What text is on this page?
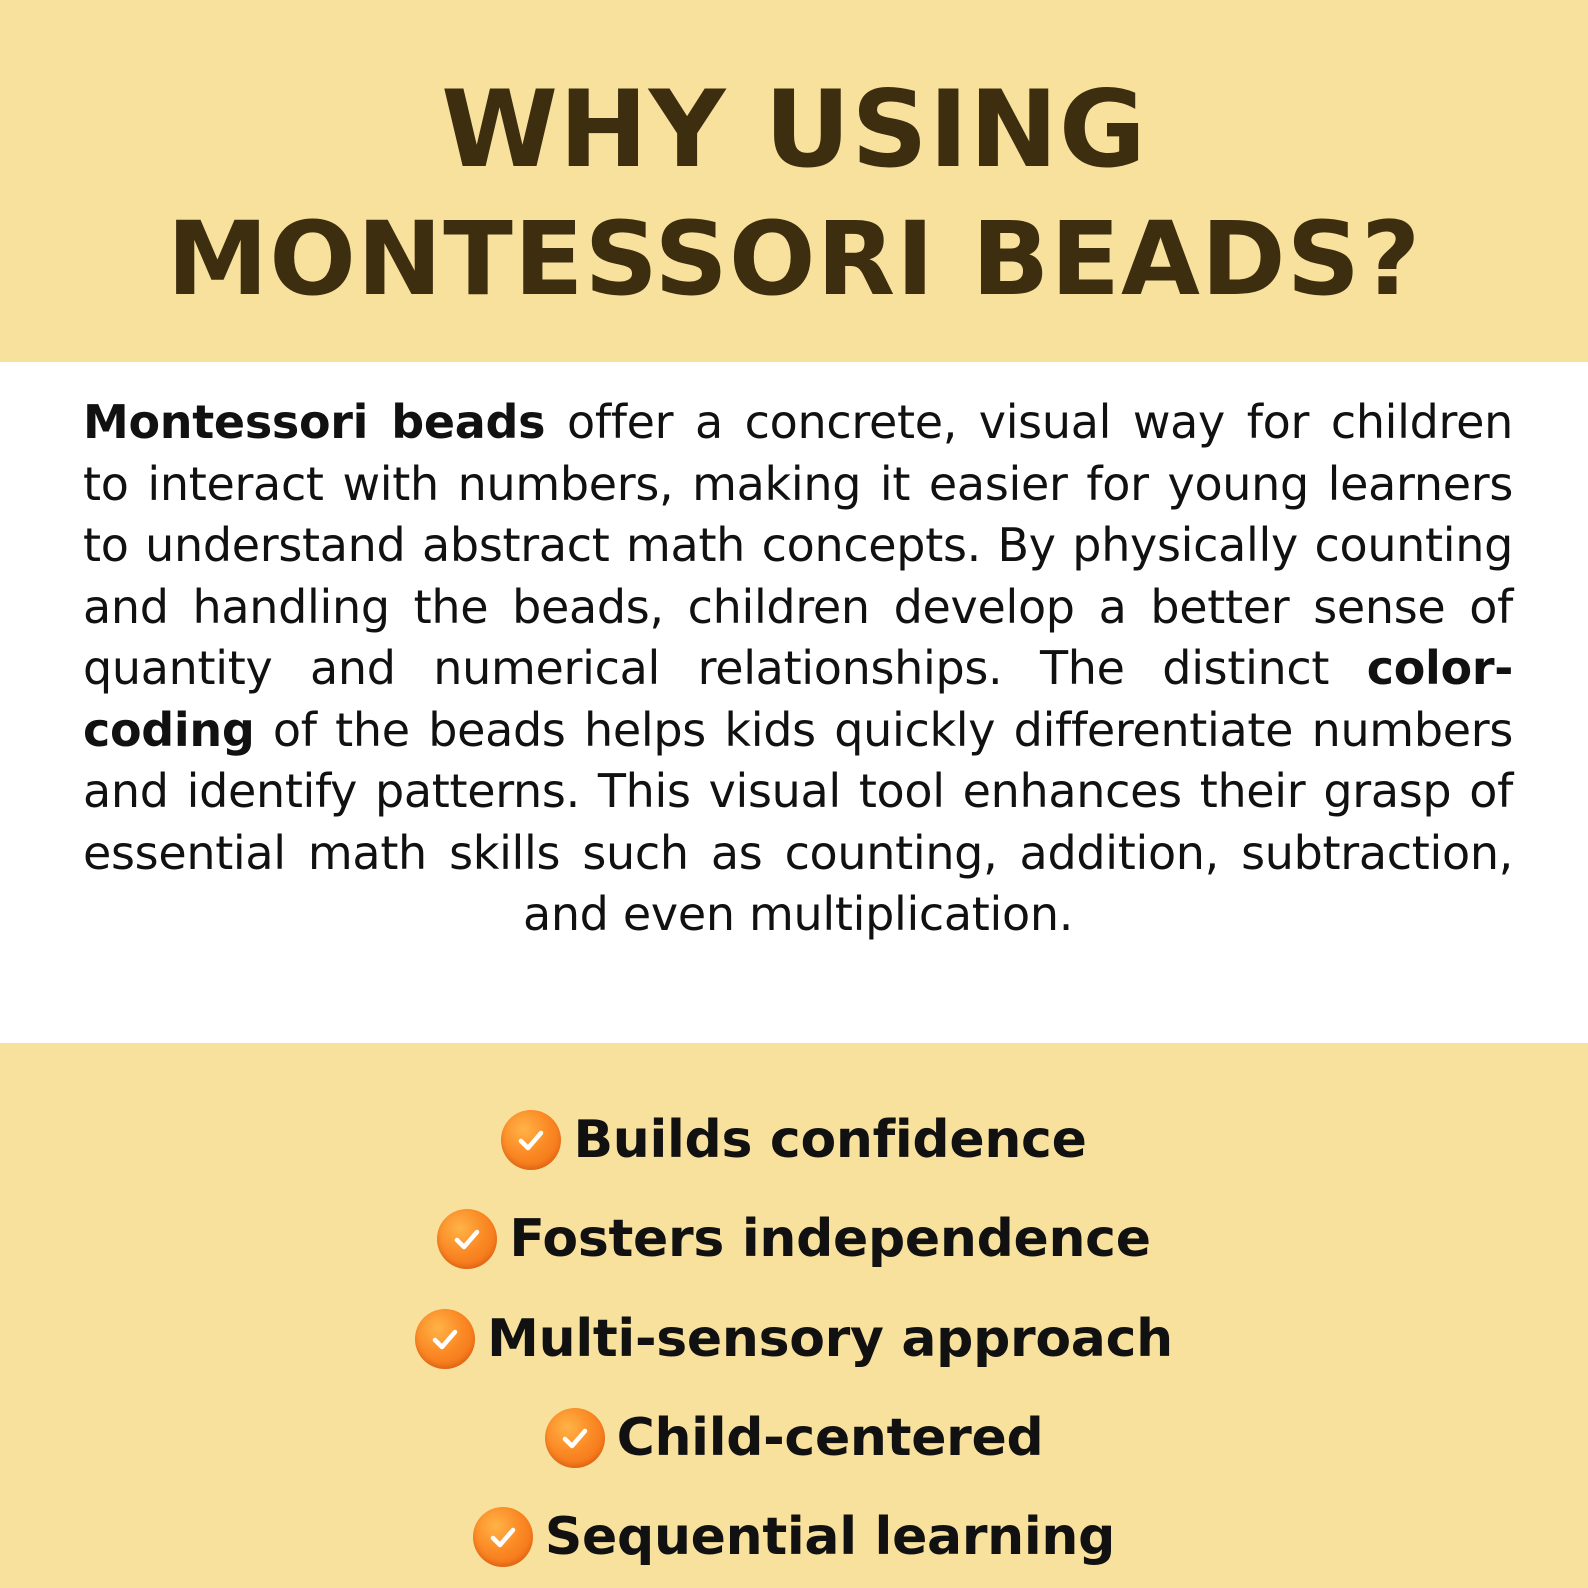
WHY USING
MONTESSORI BEADS?

Montessori beads offer a concrete, visual way for children to interact with numbers, making it easier for young learners to understand abstract math concepts. By physically counting and handling the beads, children develop a better sense of quantity and numerical relationships. The distinct color-coding of the beads helps kids quickly differentiate numbers and identify patterns. This visual tool enhances their grasp of essential math skills such as counting, addition, subtraction, and even multiplication.

Builds confidence
Fosters independence
Multi-sensory approach
Child-centered
Sequential learning
